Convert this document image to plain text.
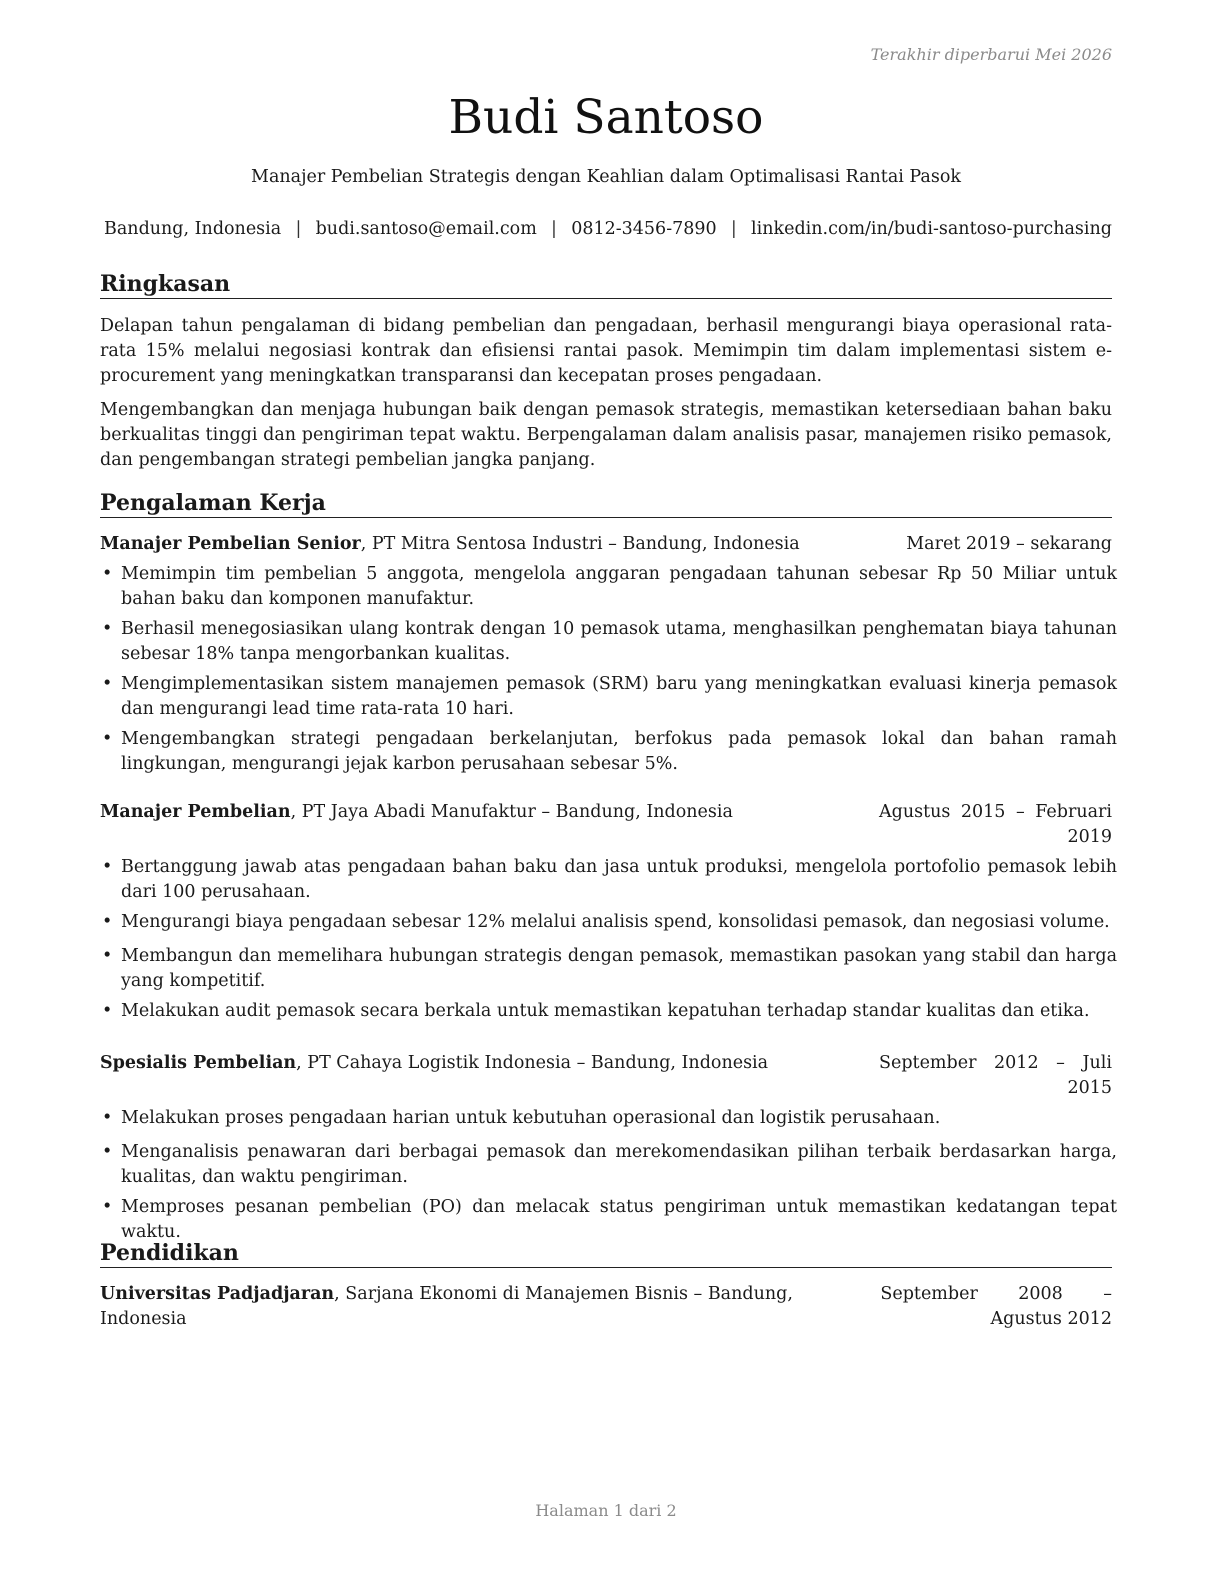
Terakhir diperbarui Mei 2026
Budi Santoso
Manajer Pembelian Strategis dengan Keahlian dalam Optimalisasi Rantai Pasok
Bandung, Indonesia | budi.santoso@email.com | 0812-3456-7890 | linkedin.com/in/budi-santoso-purchasing
Ringkasan
Delapan tahun pengalaman di bidang pembelian dan pengadaan, berhasil mengurangi biaya operasional rata-rata 15% melalui negosiasi kontrak dan efisiensi rantai pasok. Memimpin tim dalam implementasi sistem e-procurement yang meningkatkan transparansi dan kecepatan proses pengadaan.
Mengembangkan dan menjaga hubungan baik dengan pemasok strategis, memastikan ketersediaan bahan baku berkualitas tinggi dan pengiriman tepat waktu. Berpengalaman dalam analisis pasar, manajemen risiko pemasok, dan pengembangan strategi pembelian jangka panjang.
Pengalaman Kerja
Manajer Pembelian Senior, PT Mitra Sentosa Industri – Bandung, Indonesia	Maret 2019 – sekarang
• Memimpin tim pembelian 5 anggota, mengelola anggaran pengadaan tahunan sebesar Rp 50 Miliar untuk bahan baku dan komponen manufaktur.
• Berhasil menegosiasikan ulang kontrak dengan 10 pemasok utama, menghasilkan penghematan biaya tahunan sebesar 18% tanpa mengorbankan kualitas.
• Mengimplementasikan sistem manajemen pemasok (SRM) baru yang meningkatkan evaluasi kinerja pemasok dan mengurangi lead time rata-rata 10 hari.
• Mengembangkan strategi pengadaan berkelanjutan, berfokus pada pemasok lokal dan bahan ramah lingkungan, mengurangi jejak karbon perusahaan sebesar 5%.
Manajer Pembelian, PT Jaya Abadi Manufaktur – Bandung, Indonesia	Agustus 2015 – Februari 2019
• Bertanggung jawab atas pengadaan bahan baku dan jasa untuk produksi, mengelola portofolio pemasok lebih dari 100 perusahaan.
• Mengurangi biaya pengadaan sebesar 12% melalui analisis spend, konsolidasi pemasok, dan negosiasi volume.
• Membangun dan memelihara hubungan strategis dengan pemasok, memastikan pasokan yang stabil dan harga yang kompetitif.
• Melakukan audit pemasok secara berkala untuk memastikan kepatuhan terhadap standar kualitas dan etika.
Spesialis Pembelian, PT Cahaya Logistik Indonesia – Bandung, Indonesia	September 2012 – Juli 2015
• Melakukan proses pengadaan harian untuk kebutuhan operasional dan logistik perusahaan.
• Menganalisis penawaran dari berbagai pemasok dan merekomendasikan pilihan terbaik berdasarkan harga, kualitas, dan waktu pengiriman.
• Memproses pesanan pembelian (PO) dan melacak status pengiriman untuk memastikan kedatangan tepat waktu.
Pendidikan
Universitas Padjadjaran, Sarjana Ekonomi di Manajemen Bisnis – Bandung, Indonesia
September 2008 – Agustus 2012
Halaman 1 dari 2
